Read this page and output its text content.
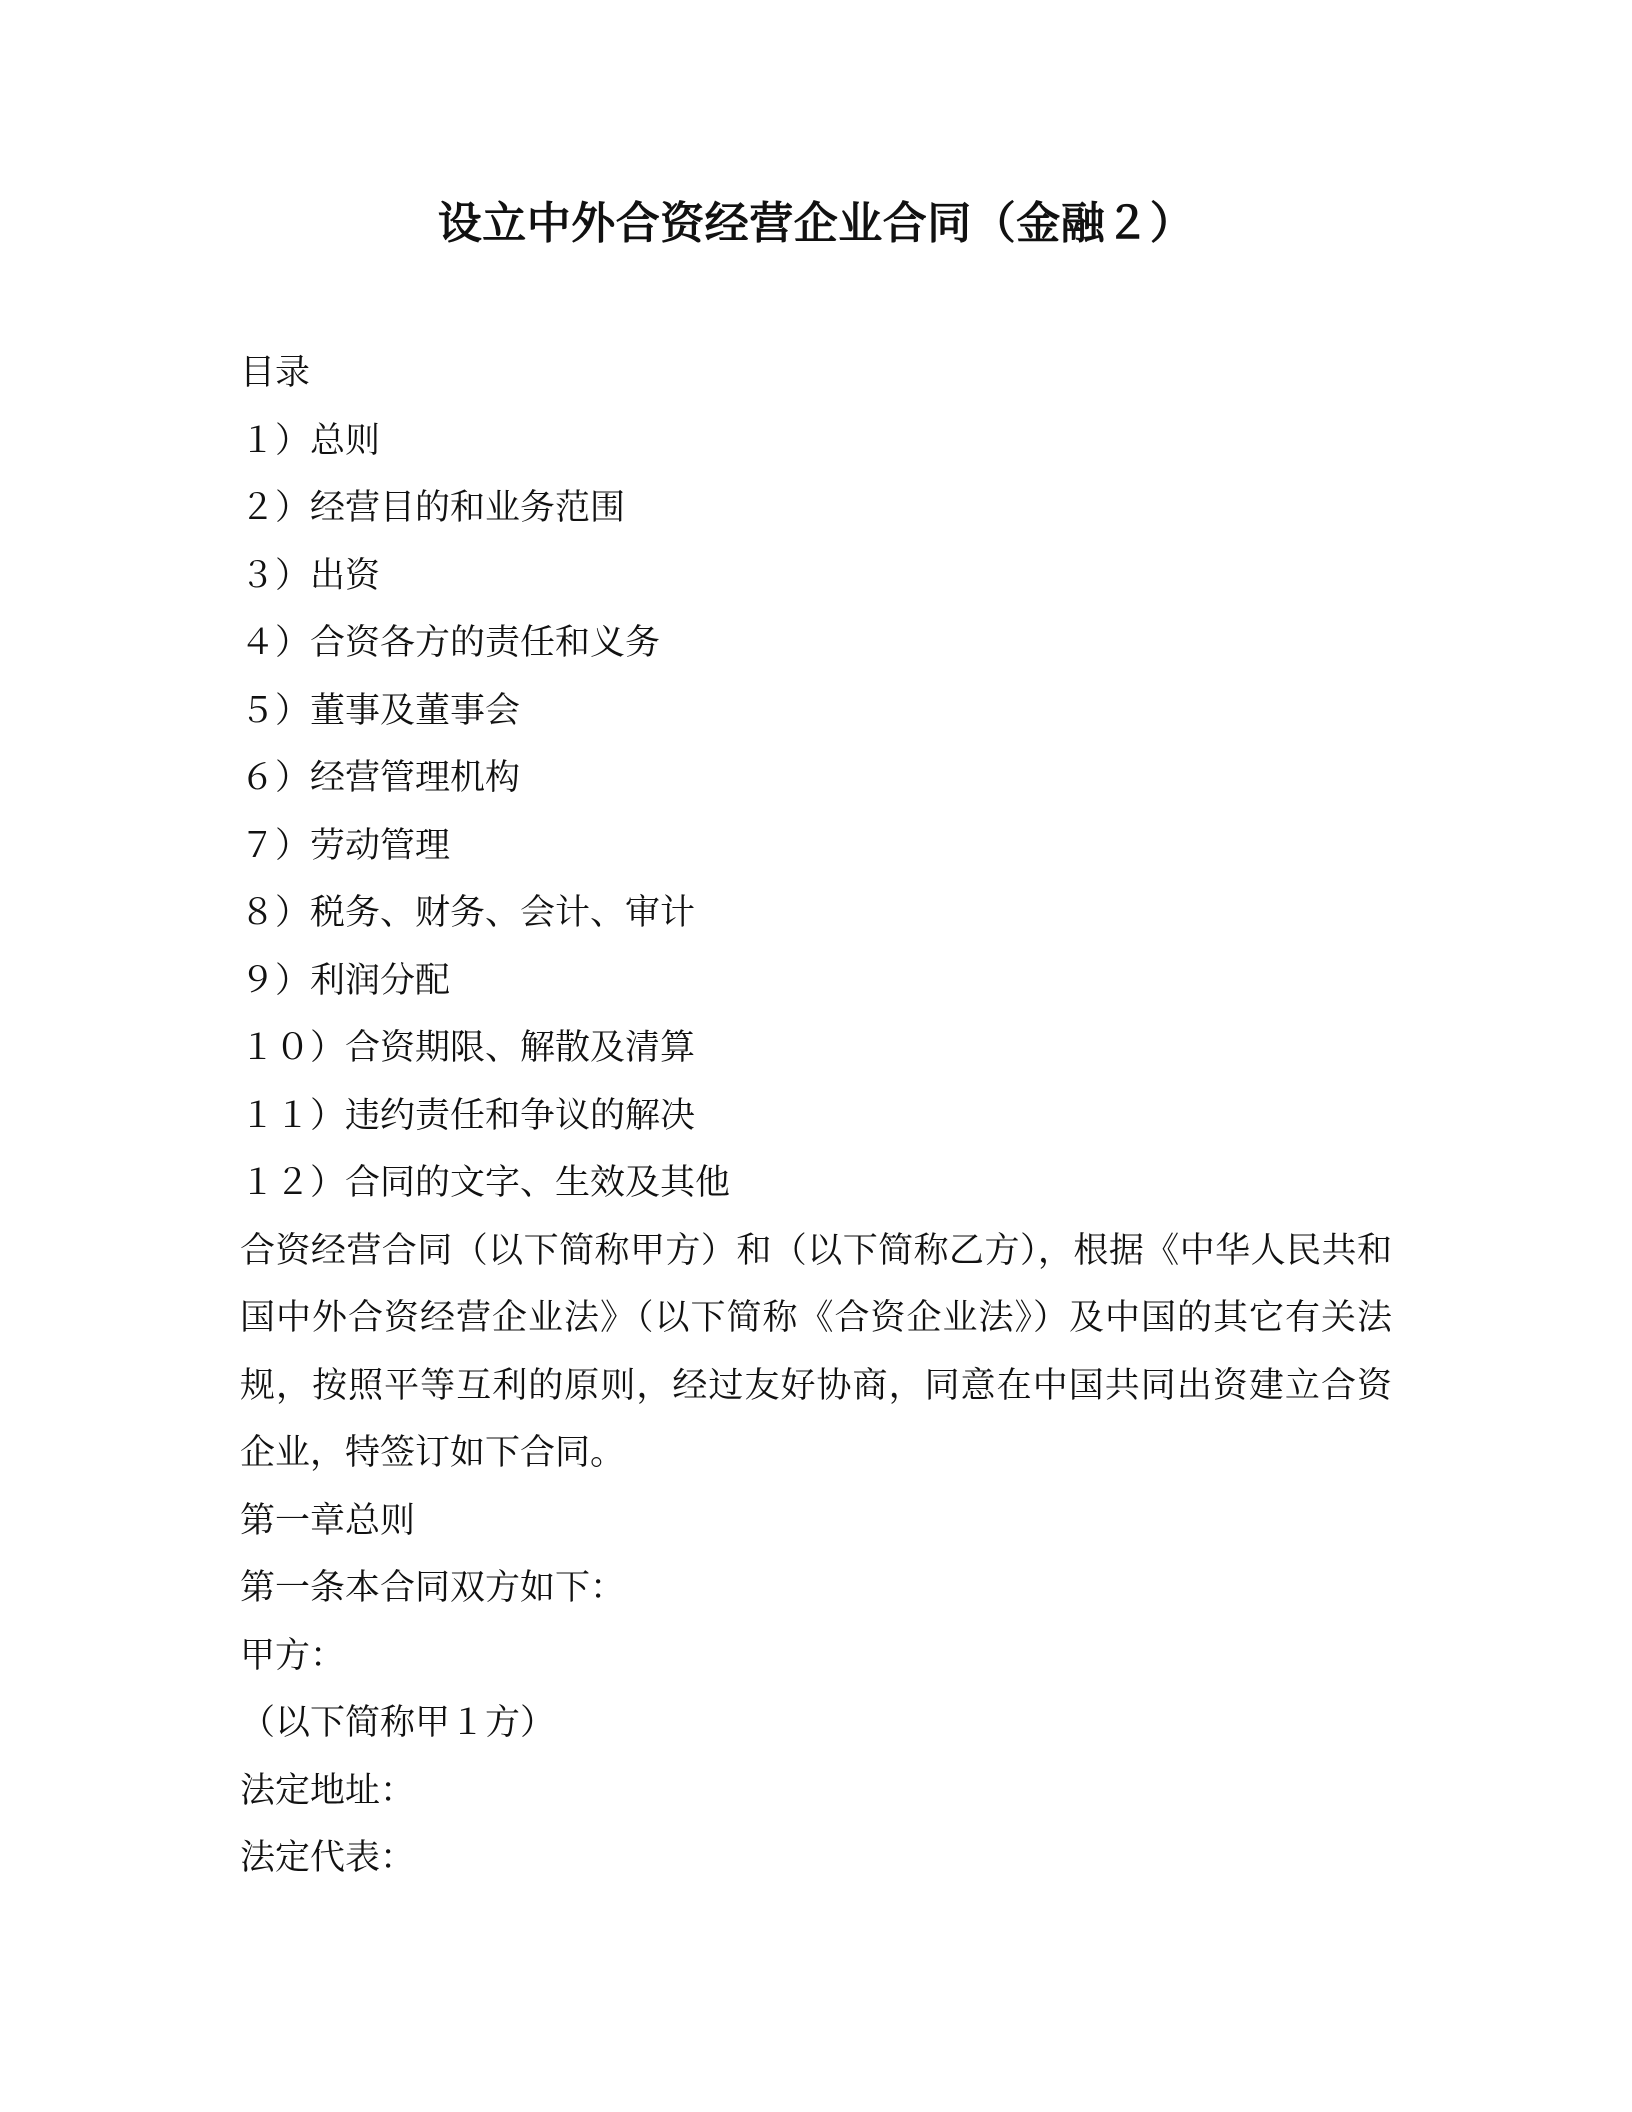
设立中外合资经营企业合同（金融２）
目录
１）总则
２）经营目的和业务范围
３）出资
４）合资各方的责任和义务
５）董事及董事会
６）经营管理机构
７）劳动管理
８）税务、财务、会计、审计
９）利润分配
１０）合资期限、解散及清算
１１）违约责任和争议的解决
１２）合同的文字、生效及其他

合资经营合同（以下简称甲方）和（以下简称乙方），根据《中华人民共和国中外合资经营企业法》（以下简称《合资企业法》）及中国的其它有关法规，按照平等互利的原则，经过友好协商，同意在中国共同出资建立合资企业，特签订如下合同。

第一章总则
第一条本合同双方如下：
甲方：
（以下简称甲１方）
法定地址：
法定代表：
